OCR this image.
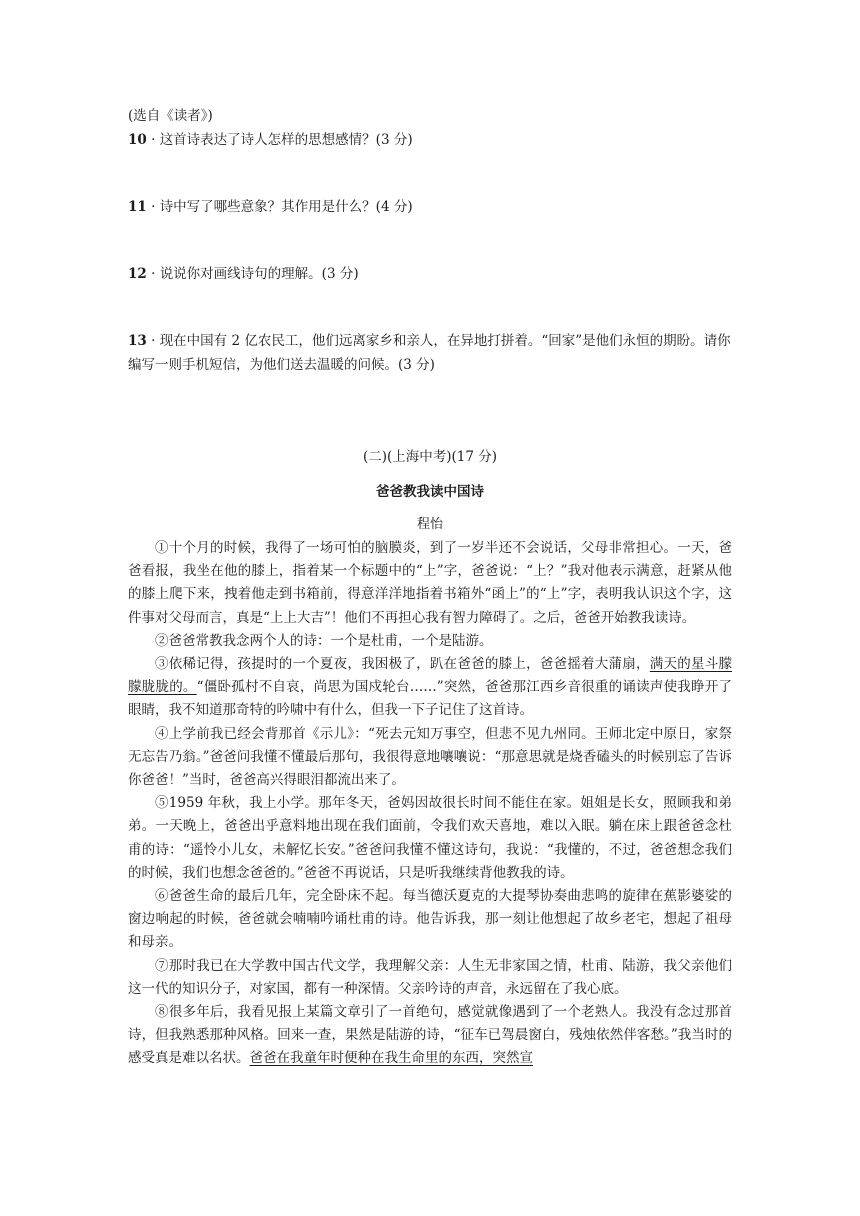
(选自《读者》)
10 · 这首诗表达了诗人怎样的思想感情？(3 分)
11 · 诗中写了哪些意象？其作用是什么？(4 分)
12 · 说说你对画线诗句的理解。(3 分)
13 · 现在中国有 2 亿农民工，他们远离家乡和亲人，在异地打拼着。“回家”是他们永恒的期盼。请你编写一则手机短信，为他们送去温暖的问候。(3 分)
(二)(上海中考)(17 分)
爸爸教我读中国诗
程怡

①十个月的时候，我得了一场可怕的脑膜炎，到了一岁半还不会说话，父母非常担心。一天，爸爸看报，我坐在他的膝上，指着某一个标题中的“上”字，爸爸说：“上？”我对他表示满意，赶紧从他的膝上爬下来，拽着他走到书箱前，得意洋洋地指着书箱外“函上”的“上”字，表明我认识这个字，这件事对父母而言，真是“上上大吉”！他们不再担心我有智力障碍了。之后，爸爸开始教我读诗。

②爸爸常教我念两个人的诗：一个是杜甫，一个是陆游。

③依稀记得，孩提时的一个夏夜，我困极了，趴在爸爸的膝上，爸爸摇着大蒲扇，满天的星斗朦朦胧胧的。“僵卧孤村不自哀，尚思为国戍轮台……”突然，爸爸那江西乡音很重的诵读声使我睁开了眼睛，我不知道那奇特的吟啸中有什么，但我一下子记住了这首诗。

④上学前我已经会背那首《示儿》：“死去元知万事空，但悲不见九州同。王师北定中原日，家祭无忘告乃翁。”爸爸问我懂不懂最后那句，我很得意地嚷嚷说：“那意思就是烧香磕头的时候别忘了告诉你爸爸！”当时，爸爸高兴得眼泪都流出来了。

⑤1959 年秋，我上小学。那年冬天，爸妈因故很长时间不能住在家。姐姐是长女，照顾我和弟弟。一天晚上，爸爸出乎意料地出现在我们面前，令我们欢天喜地，难以入眠。躺在床上跟爸爸念杜甫的诗：“遥怜小儿女，未解忆长安。”爸爸问我懂不懂这诗句，我说：“我懂的，不过，爸爸想念我们的时候，我们也想念爸爸的。”爸爸不再说话，只是听我继续背他教我的诗。

⑥爸爸生命的最后几年，完全卧床不起。每当德沃夏克的大提琴协奏曲悲鸣的旋律在蕉影婆娑的窗边响起的时候，爸爸就会喃喃吟诵杜甫的诗。他告诉我，那一刻让他想起了故乡老宅，想起了祖母和母亲。

⑦那时我已在大学教中国古代文学，我理解父亲：人生无非家国之情，杜甫、陆游，我父亲他们这一代的知识分子，对家国，都有一种深情。父亲吟诗的声音，永远留在了我心底。

⑧很多年后，我看见报上某篇文章引了一首绝句，感觉就像遇到了一个老熟人。我没有念过那首诗，但我熟悉那种风格。回来一查，果然是陆游的诗，“征车已驾晨窗白，残烛依然伴客愁。”我当时的感受真是难以名状。爸爸在我童年时便种在我生命里的东西，突然宣
